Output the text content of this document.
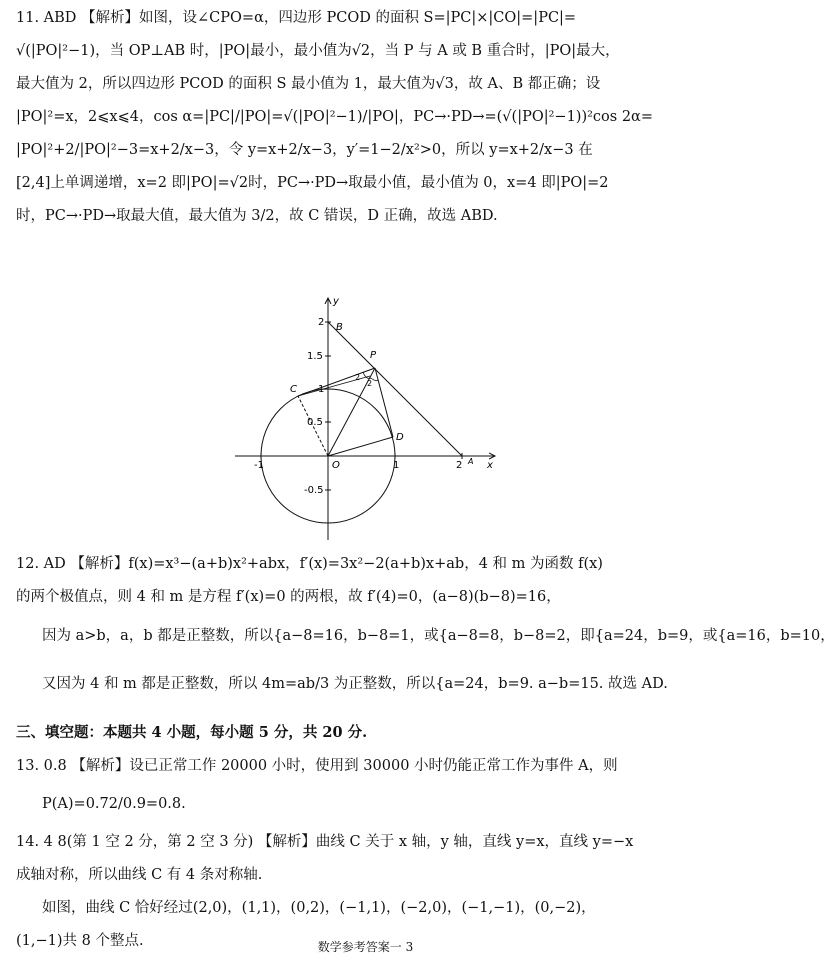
11. ABD 【解析】如图，设∠CPO=α，四边形 PCOD 的面积 S=|PC|×|CO|=|PC|=
√(|PO|²−1)，当 OP⊥AB 时，|PO|最小，最小值为√2，当 P 与 A 或 B 重合时，|PO|最大，
最大值为 2，所以四边形 PCOD 的面积 S 最小值为 1，最大值为√3，故 A、B 都正确；设
|PO|²=x，2⩽x⩽4，cos α=|PC|/|PO|=√(|PO|²−1)/|PO|，PC→·PD→=(√(|PO|²−1))²cos 2α=
|PO|²+2/|PO|²−3=x+2/x−3，令 y=x+2/x−3，y′=1−2/x²>0，所以 y=x+2/x−3 在
[2,4]上单调递增，x=2 即|PO|=√2时，PC→·PD→取最小值，最小值为 0，x=4 即|PO|=2
时，PC→·PD→取最大值，最大值为 3/2，故 C 错误，D 正确，故选 ABD.
-1	1	2
2
1.5
1
0.5
-0.5
x
y
O
B
P
C
D
A
2
2
12. AD 【解析】f(x)=x³−(a+b)x²+abx，f′(x)=3x²−2(a+b)x+ab，4 和 m 为函数 f(x)
的两个极值点，则 4 和 m 是方程 f′(x)=0 的两根，故 f′(4)=0，(a−8)(b−8)=16，
因为 a>b，a，b 都是正整数，所以{a−8=16，b−8=1，或{a−8=8，b−8=2，即{a=24，b=9，或{a=16，b=10，
又因为 4 和 m 都是正整数，所以 4m=ab/3 为正整数，所以{a=24，b=9. a−b=15. 故选 AD.
三、填空题：本题共 4 小题，每小题 5 分，共 20 分.
13. 0.8 【解析】设已正常工作 20000 小时，使用到 30000 小时仍能正常工作为事件 A，则
P(A)=0.72/0.9=0.8.
14. 4 8(第 1 空 2 分，第 2 空 3 分) 【解析】曲线 C 关于 x 轴，y 轴，直线 y=x，直线 y=−x
成轴对称，所以曲线 C 有 4 条对称轴.
如图，曲线 C 恰好经过(2,0)，(1,1)，(0,2)，(−1,1)，(−2,0)，(−1,−1)，(0,−2)，
(1,−1)共 8 个整点.	数学参考答案一 3
